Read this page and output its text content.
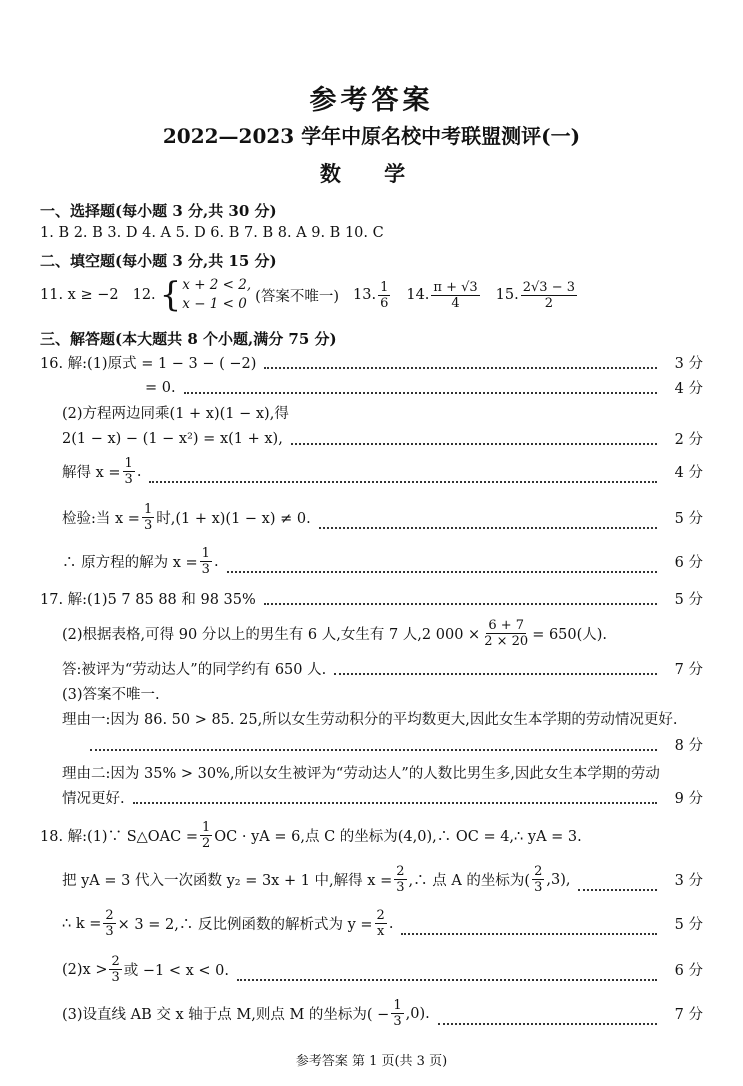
参考答案
2022—2023 学年中原名校中考联盟测评(一)
数 学
一、选择题(每小题 3 分,共 30 分)
1. B 2. B 3. D 4. A 5. D 6. B 7. B 8. A 9. B 10. C
二、填空题(每小题 3 分,共 15 分)
11. x ≥ −2 12. { x + 2 < 2,
x − 1 < 0 (答案不唯一) 13. $\frac{1}{6} 14$. $\frac{\pi + √3}{4} 15$. $\frac{2√3 - 3}{2}$
三、解答题(本大题共 8 个小题,满分 75 分)
16. 解:(1)原式 = 1 − 3 − ( −2)	3 分
= 0.	4 分
(2)方程两边同乘(1 + x)(1 − x),得
2(1 − x) − (1 − x²) = x(1 + x),	2 分
解得 $x = \frac{1}{3}$ .	4 分
检验:当 $x = \frac{1}{3}$ 时,(1 + x)(1 − x) ≠ 0.	5 分
∴ 原方程的解为 $x = \frac{1}{3}$ .	6 分
17. 解:(1)5 7 85 88 和 98 35%	5 分
(2)根据表格,可得 90 分以上的男生有 6 人,女生有 7 人,2 $000 \times \frac{6 + 7}{2 \times 20} = 650$(人).
答:被评为“劳动达人”的同学约有 650 人.	7 分
(3)答案不唯一.
理由一:因为 86. 50 > 85. 25,所以女生劳动积分的平均数更大,因此女生本学期的劳动情况更好.
8 分
理由二:因为 35% > 30%,所以女生被评为“劳动达人”的人数比男生多,因此女生本学期的劳动
情况更好.	9 分
18. 解:(1)∵ S△OAC = $\frac{1}{2}$ OC · yA = 6,点 C 的坐标为(4,0),∴ OC = 4,∴ yA = 3.
把 yA = 3 代入一次函数 y₂ = 3x + 1 中,解得 $x = \frac{2}{3}$ ,∴ 点 A 的坐标为( $\frac{2}{3} ,3$),	3 分
∴ $k = \frac{2}{3} \times 3$ = 2,∴ 反比例函数的解析式为 $y = \frac{2}{x}$ .	5 分
$(2)x > \frac{2}{3}$ 或 −1 < x < 0.	6 分
(3)设直线 AB 交 x 轴于点 M,则点 M 的坐标为( − $\frac{1}{3} ,0$).	7 分
参考答案 第 1 页(共 3 页)
